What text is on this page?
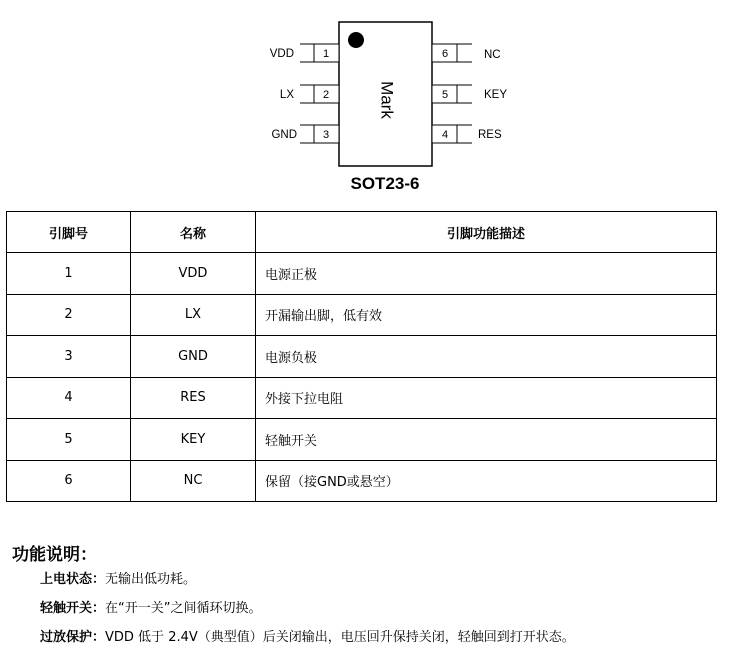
Mark
1
VDD
2
LX
3
GND
6	NC
5	KEY
4	RES
SOT23-6
引脚号	名称	引脚功能描述
1	VDD	电源正极
2	LX	开漏输出脚，低有效
3	GND	电源负极
4	RES	外接下拉电阻
5	KEY	轻触开关
6	NC	保留（接GND或悬空）
功能说明：
上电状态：无输出低功耗。
轻触开关：在“开一关”之间循环切换。
过放保护：VDD 低于 2.4V（典型值）后关闭输出，电压回升保持关闭，轻触回到打开状态。
